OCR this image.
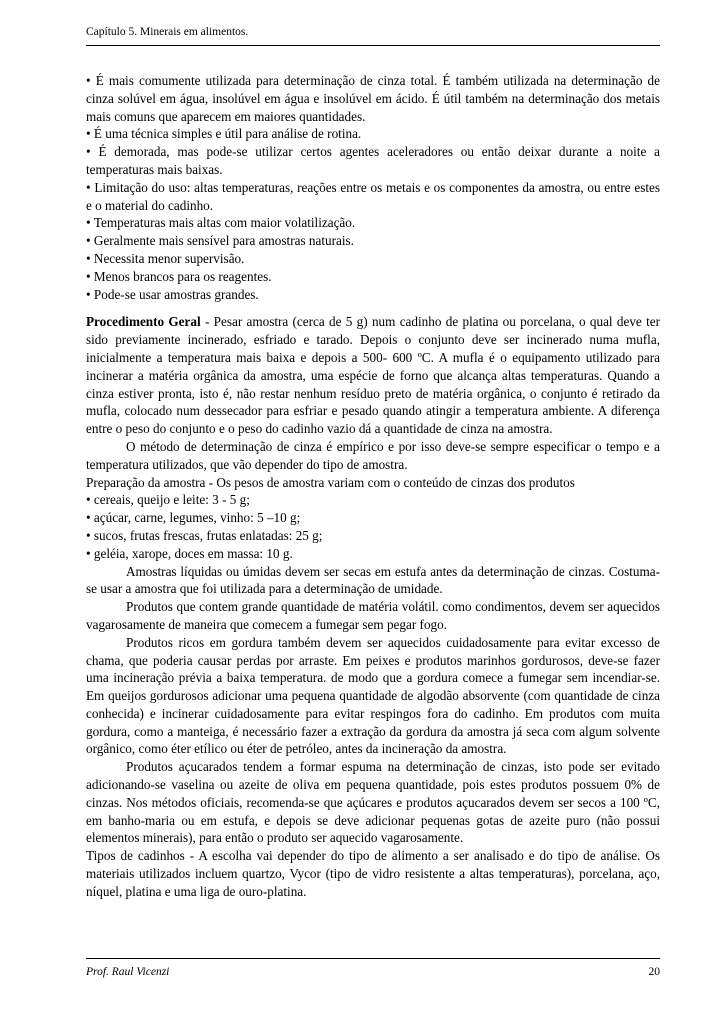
Capítulo 5. Minerais em alimentos.

• É mais comumente utilizada para determinação de cinza total. É também utilizada na determinação de cinza solúvel em água, insolúvel em água e insolúvel em ácido. É útil também na determinação dos metais mais comuns que aparecem em maiores quantidades.

• É uma técnica simples e útil para análise de rotina.

• É demorada, mas pode-se utilizar certos agentes aceleradores ou então deixar durante a noite a temperaturas mais baixas.

• Limitação do uso: altas temperaturas, reações entre os metais e os componentes da amostra, ou entre estes e o material do cadinho.

• Temperaturas mais altas com maior volatilização.

• Geralmente mais sensível para amostras naturais.

• Necessita menor supervisão.

• Menos brancos para os reagentes.

• Pode-se usar amostras grandes.

Procedimento Geral - Pesar amostra (cerca de 5 g) num cadinho de platina ou porcelana, o qual deve ter sido previamente incinerado, esfriado e tarado. Depois o conjunto deve ser incinerado numa mufla, inicialmente a temperatura mais baixa e depois a 500- 600 ºC. A mufla é o equipamento utilizado para incinerar a matéria orgânica da amostra, uma espécie de forno que alcança altas temperaturas. Quando a cinza estiver pronta, isto é, não restar nenhum resíduo preto de matéria orgânica, o conjunto é retirado da mufla, colocado num dessecador para esfriar e pesado quando atingir a temperatura ambiente. A diferença entre o peso do conjunto e o peso do cadinho vazio dá a quantidade de cinza na amostra.

O método de determinação de cinza é empírico e por isso deve-se sempre especificar o tempo e a temperatura utilizados, que vão depender do tipo de amostra.

Preparação da amostra - Os pesos de amostra variam com o conteúdo de cinzas dos produtos

• cereais, queijo e leite: 3 - 5 g;

• açúcar, carne, legumes, vinho: 5 –10 g;

• sucos, frutas frescas, frutas enlatadas: 25 g;

• geléia, xarope, doces em massa: 10 g.

Amostras líquidas ou úmidas devem ser secas em estufa antes da determinação de cinzas. Costuma-se usar a amostra que foi utilizada para a determinação de umidade.

Produtos que contem grande quantidade de matéria volátil. como condimentos, devem ser aquecidos vagarosamente de maneira que comecem a fumegar sem pegar fogo.

Produtos ricos em gordura também devem ser aquecidos cuidadosamente para evitar excesso de chama, que poderia causar perdas por arraste. Em peixes e produtos marinhos gordurosos, deve-se fazer uma incineração prévia a baixa temperatura. de modo que a gordura comece a fumegar sem incendiar-se. Em queijos gordurosos adicionar uma pequena quantidade de algodão absorvente (com quantidade de cinza conhecida) e incinerar cuidadosamente para evitar respingos fora do cadinho. Em produtos com muita gordura, como a manteiga, é necessário fazer a extração da gordura da amostra já seca com algum solvente orgânico, como éter etílico ou éter de petróleo, antes da incineração da amostra.

Produtos açucarados tendem a formar espuma na determinação de cinzas, isto pode ser evitado adicionando-se vaselina ou azeite de oliva em pequena quantidade, pois estes produtos possuem 0% de cinzas. Nos métodos oficiais, recomenda-se que açúcares e produtos açucarados devem ser secos a 100 ºC, em banho-maria ou em estufa, e depois se deve adicionar pequenas gotas de azeite puro (não possui elementos minerais), para então o produto ser aquecido vagarosamente.

Tipos de cadinhos - A escolha vai depender do tipo de alimento a ser analisado e do tipo de análise. Os materiais utilizados incluem quartzo, Vycor (tipo de vidro resistente a altas temperaturas), porcelana, aço, níquel, platina e uma liga de ouro-platina.

Prof. Raul Vicenzi	20
